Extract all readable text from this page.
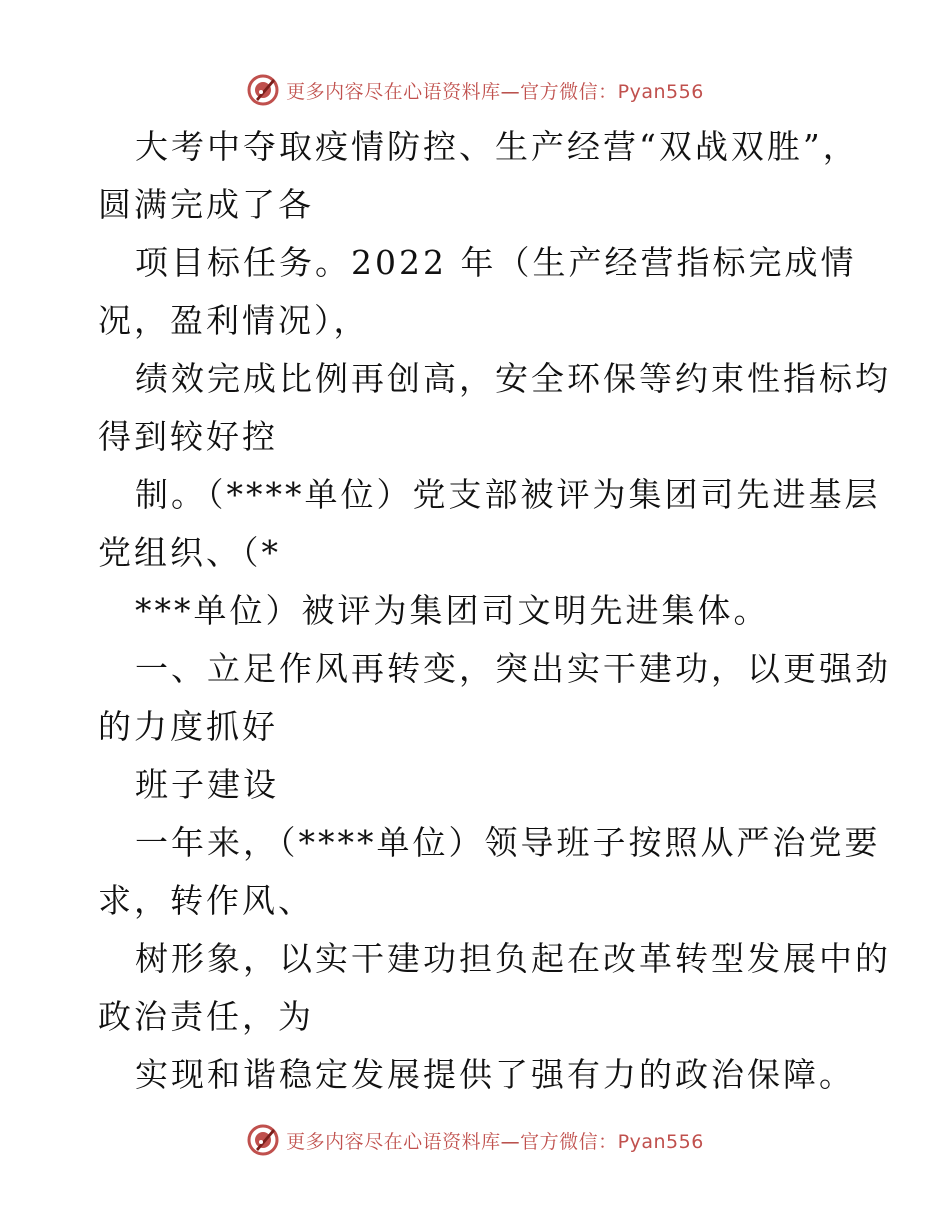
更多内容尽在心语资料库—官方微信：Pyan556
大考中夺取疫情防控、生产经营“双战双胜”，
圆满完成了各
项目标任务。2022 年（生产经营指标完成情
况，盈利情况），
绩效完成比例再创高，安全环保等约束性指标均
得到较好控
制。（****单位）党支部被评为集团司先进基层
党组织、（*
***单位）被评为集团司文明先进集体。
一、立足作风再转变，突出实干建功，以更强劲
的力度抓好
班子建设
一年来，（****单位）领导班子按照从严治党要
求，转作风、
树形象，以实干建功担负起在改革转型发展中的
政治责任，为
实现和谐稳定发展提供了强有力的政治保障。
更多内容尽在心语资料库—官方微信：Pyan556
